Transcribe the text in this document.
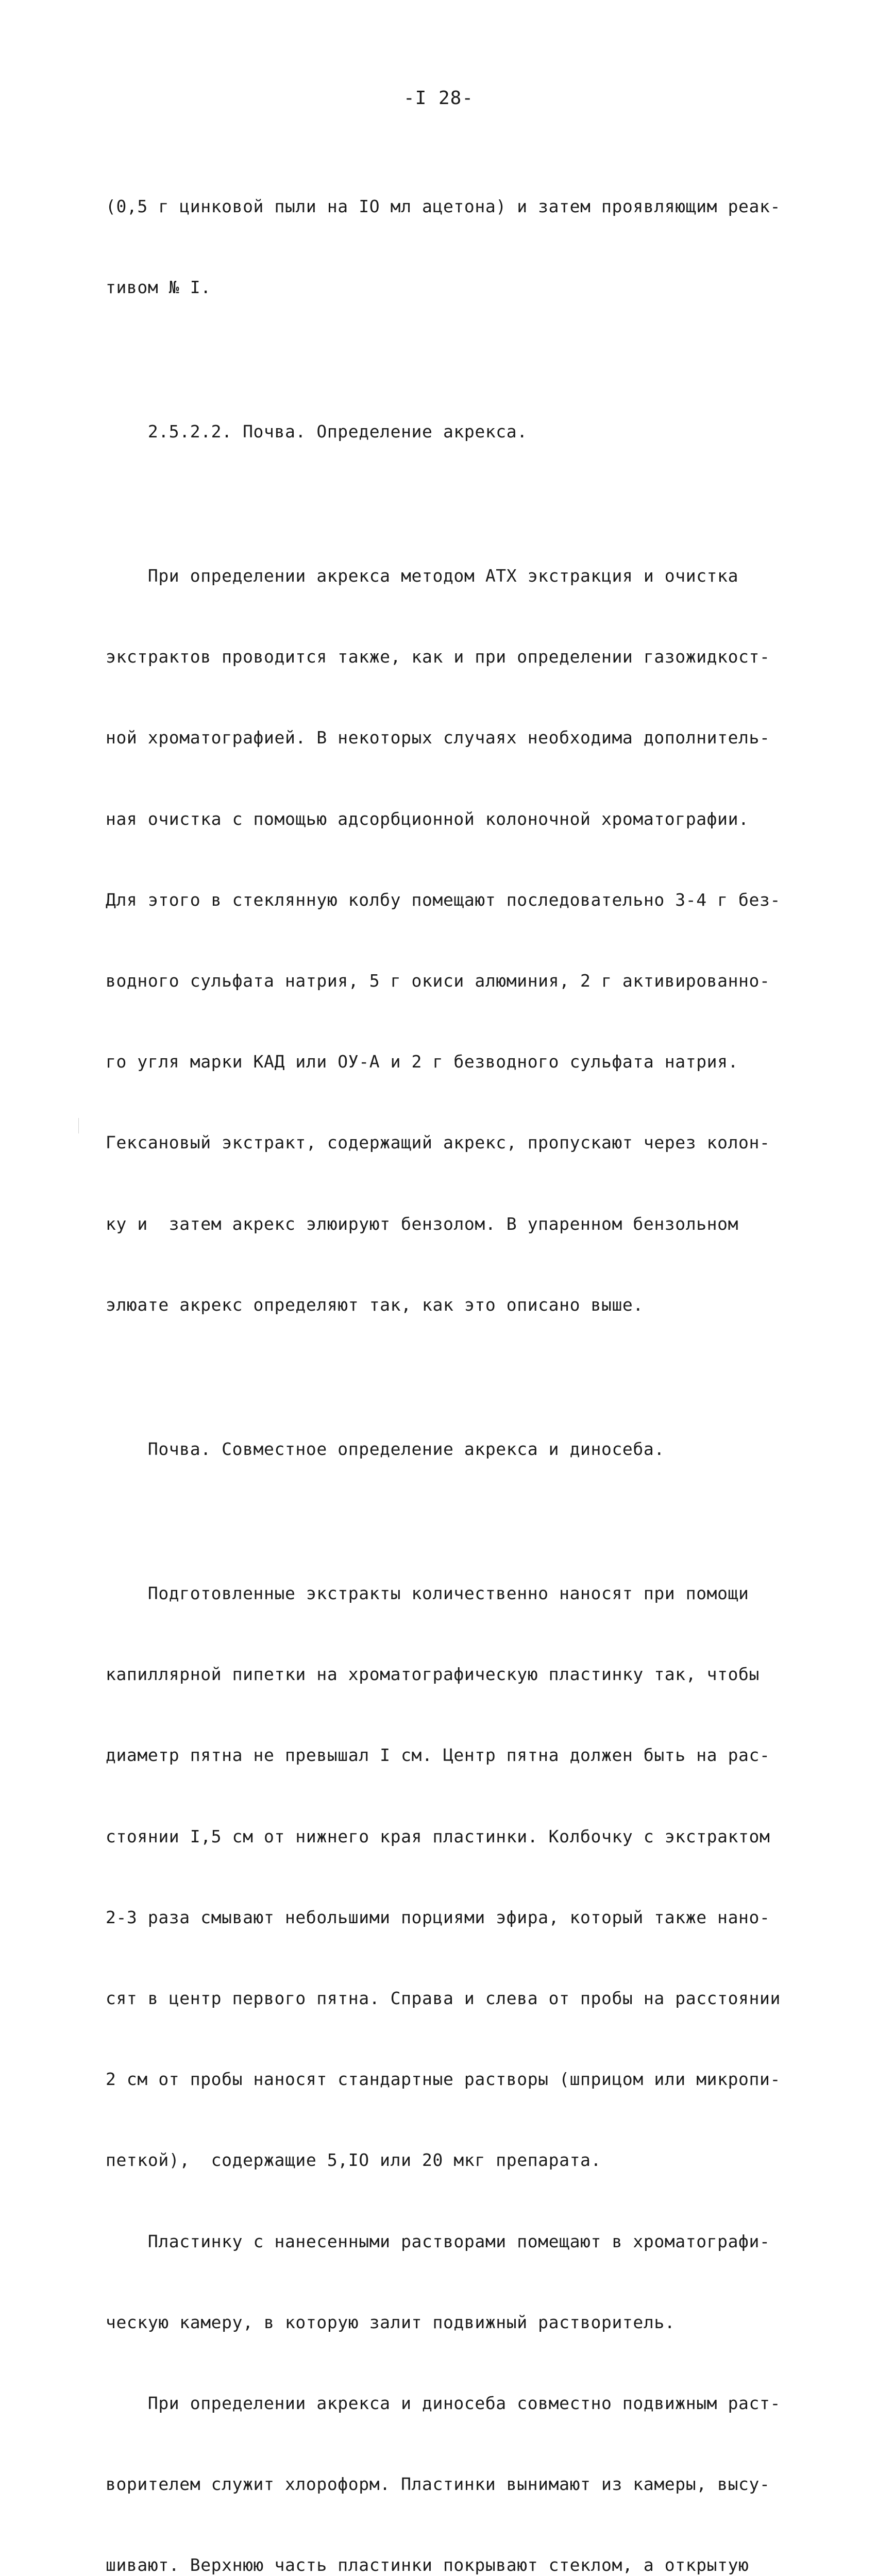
-I 28-

(0,5 г цинковой пыли на IO мл ацетона) и затем проявляющим реак-

тивом № I.

2.5.2.2. Почва. Определение акрекса.

При определении акрекса методом АТХ экстракция и очистка

экстрактов проводится также, как и при определении газожидкост-

ной хроматографией. В некоторых случаях необходима дополнитель-

ная очистка с помощью адсорбционной колоночной хроматографии.

Для этого в стеклянную колбу помещают последовательно 3-4 г без-

водного сульфата натрия, 5 г окиси алюминия, 2 г активированно-

го угля марки КАД или ОУ-А и 2 г безводного сульфата натрия.

Гексановый экстракт, содержащий акрекс, пропускают через колон-

ку и  затем акрекс элюируют бензолом. В упаренном бензольном

элюате акрекс определяют так, как это описано выше.

Почва. Совместное определение акрекса и диносеба.

Подготовленные экстракты количественно наносят при помощи

капиллярной пипетки на хроматографическую пластинку так, чтобы

диаметр пятна не превышал I см. Центр пятна должен быть на рас-

стоянии I,5 см от нижнего края пластинки. Колбочку с экстрактом

2-3 раза смывают небольшими порциями эфира, который также нано-

сят в центр первого пятна. Справа и слева от пробы на расстоянии

2 см от пробы наносят стандартные растворы (шприцом или микропи-

петкой),  содержащие 5,IO или 20 мкг препарата.

Пластинку с нанесенными растворами помещают в хроматографи-

ческую камеру, в которую залит подвижный растворитель.

При определении акрекса и диносеба совместно подвижным раст-

ворителем служит хлороформ. Пластинки вынимают из камеры, высу-

шивают. Верхнюю часть пластинки покрывают стеклом, а открытую
